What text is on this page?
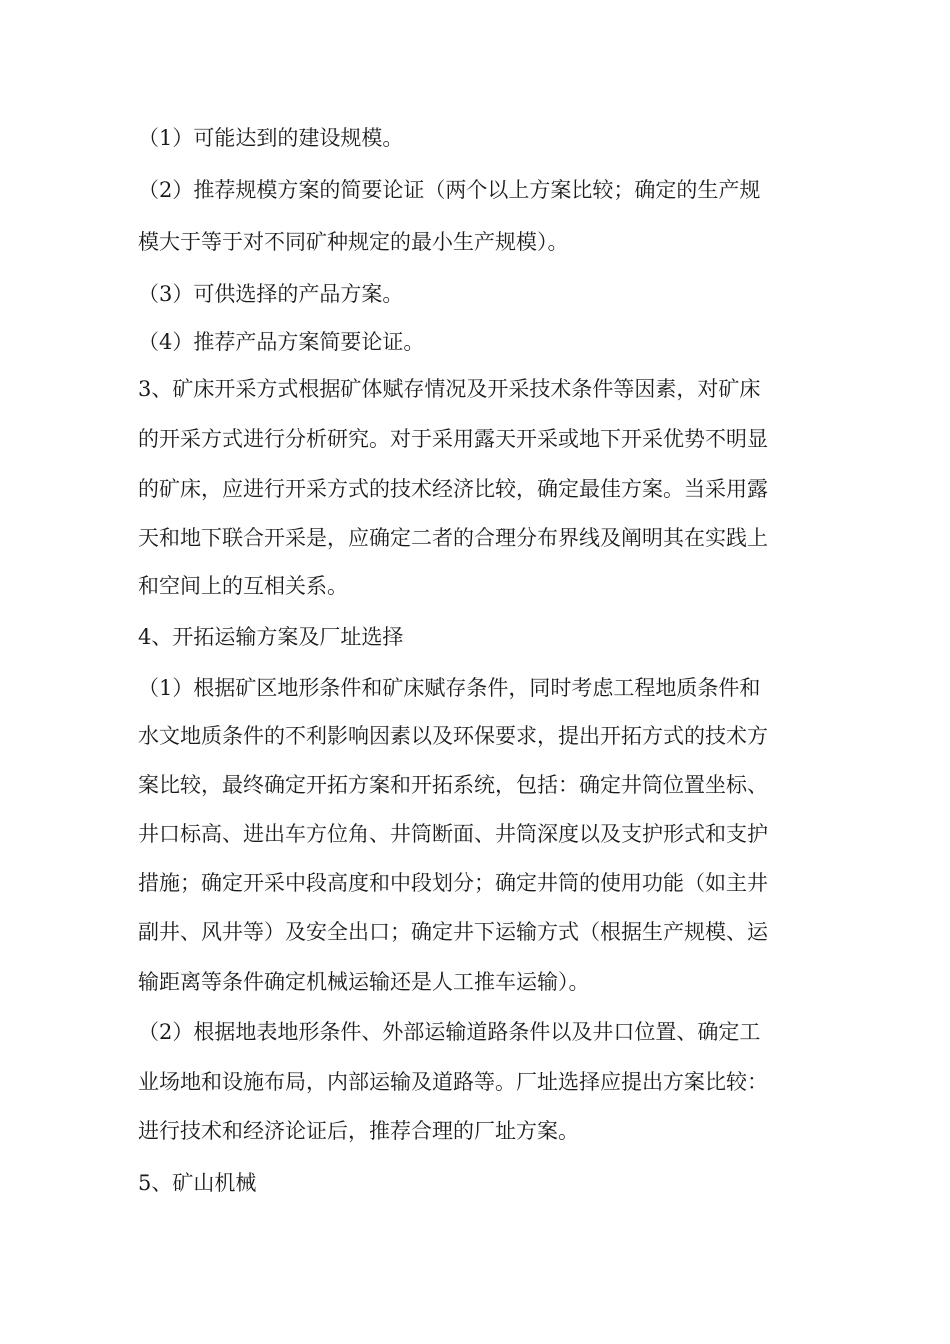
（1）可能达到的建设规模。
（2）推荐规模方案的简要论证（两个以上方案比较；确定的生产规
模大于等于对不同矿种规定的最小生产规模）。
（3）可供选择的产品方案。
（4）推荐产品方案简要论证。
3、矿床开采方式根据矿体赋存情况及开采技术条件等因素，对矿床
的开采方式进行分析研究。对于采用露天开采或地下开采优势不明显
的矿床，应进行开采方式的技术经济比较，确定最佳方案。当采用露
天和地下联合开采是，应确定二者的合理分布界线及阐明其在实践上
和空间上的互相关系。
4、开拓运输方案及厂址选择
（1）根据矿区地形条件和矿床赋存条件，同时考虑工程地质条件和
水文地质条件的不利影响因素以及环保要求，提出开拓方式的技术方
案比较，最终确定开拓方案和开拓系统，包括：确定井筒位置坐标、
井口标高、进出车方位角、井筒断面、井筒深度以及支护形式和支护
措施；确定开采中段高度和中段划分；确定井筒的使用功能（如主井
副井、风井等）及安全出口；确定井下运输方式（根据生产规模、运
输距离等条件确定机械运输还是人工推车运输）。
（2）根据地表地形条件、外部运输道路条件以及井口位置、确定工
业场地和设施布局，内部运输及道路等。厂址选择应提出方案比较：
进行技术和经济论证后，推荐合理的厂址方案。
5、矿山机械
